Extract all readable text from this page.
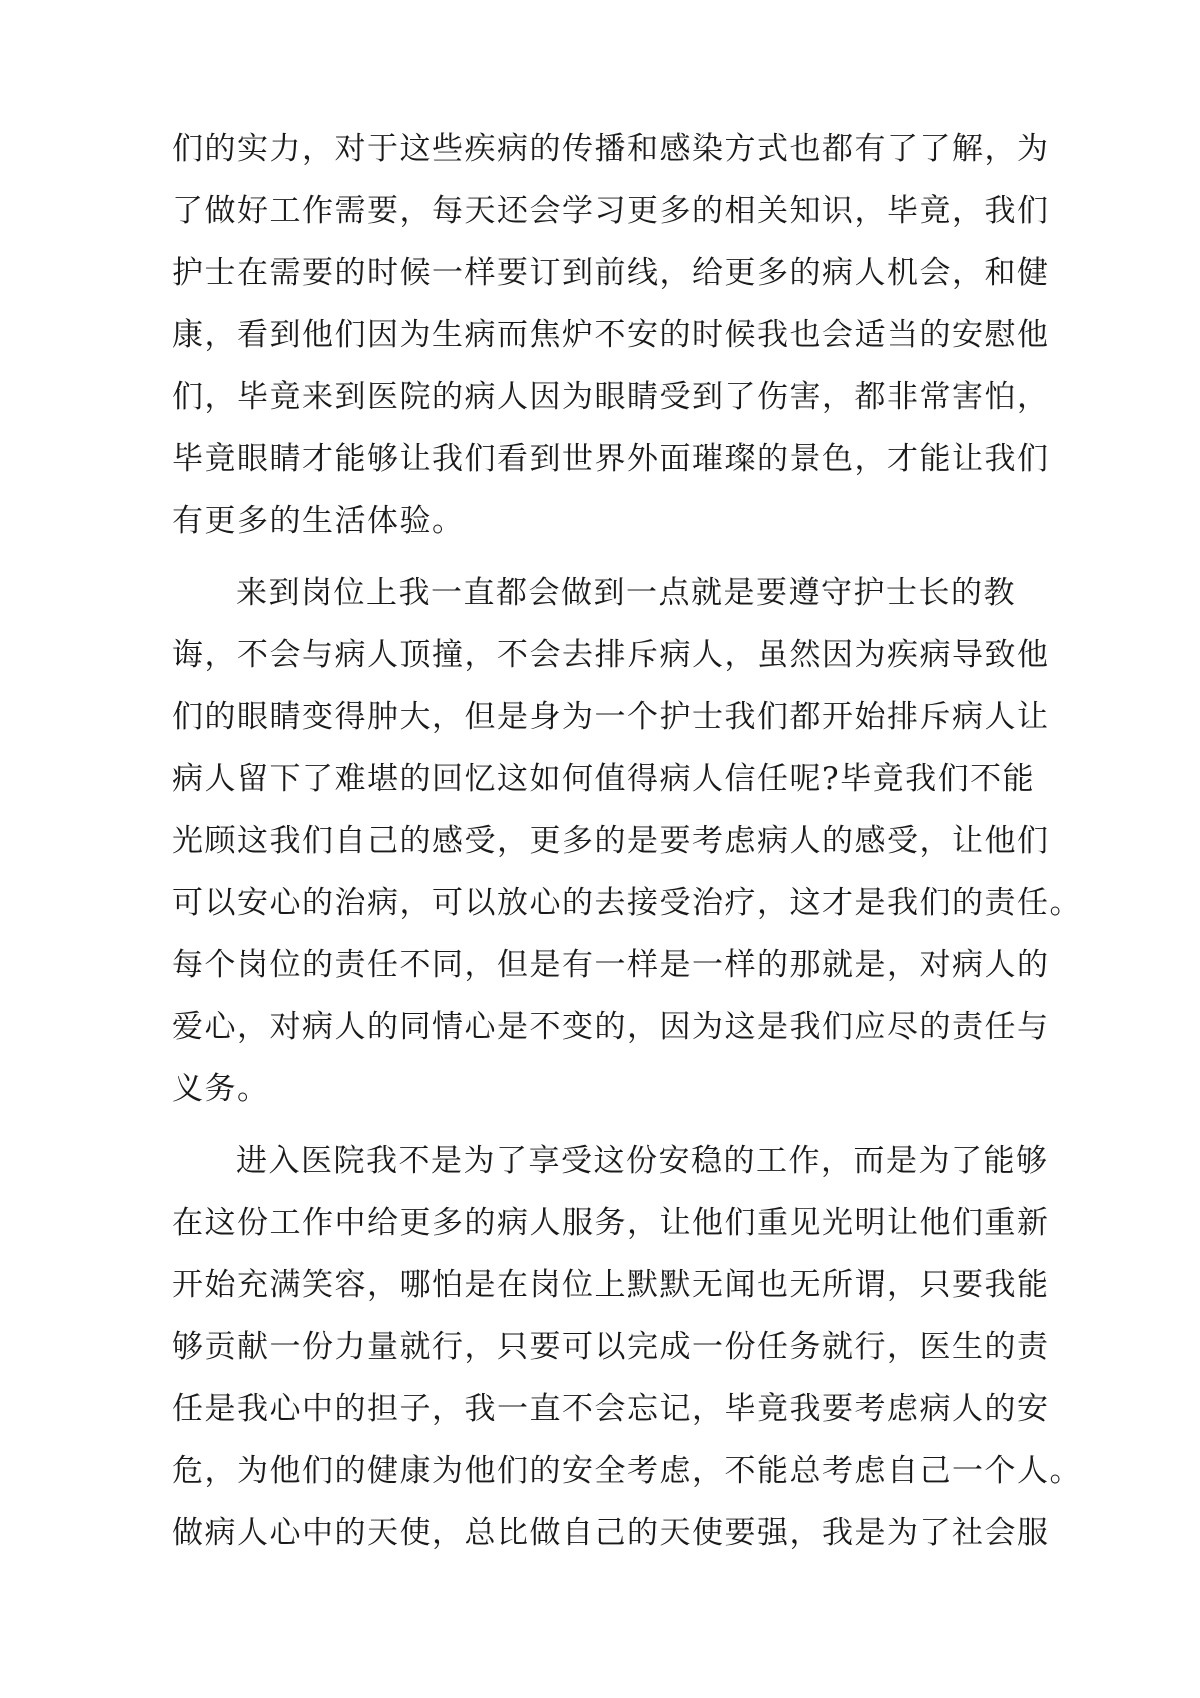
们的实力，对于这些疾病的传播和感染方式也都有了了解，为
了做好工作需要，每天还会学习更多的相关知识，毕竟，我们
护士在需要的时候一样要订到前线，给更多的病人机会，和健
康，看到他们因为生病而焦炉不安的时候我也会适当的安慰他
们，毕竟来到医院的病人因为眼睛受到了伤害，都非常害怕，
毕竟眼睛才能够让我们看到世界外面璀璨的景色，才能让我们
有更多的生活体验。
来到岗位上我一直都会做到一点就是要遵守护士长的教
诲，不会与病人顶撞，不会去排斥病人，虽然因为疾病导致他
们的眼睛变得肿大，但是身为一个护士我们都开始排斥病人让
病人留下了难堪的回忆这如何值得病人信任呢?毕竟我们不能
光顾这我们自己的感受，更多的是要考虑病人的感受，让他们
可以安心的治病，可以放心的去接受治疗，这才是我们的责任。
每个岗位的责任不同，但是有一样是一样的那就是，对病人的
爱心，对病人的同情心是不变的，因为这是我们应尽的责任与
义务。
进入医院我不是为了享受这份安稳的工作，而是为了能够
在这份工作中给更多的病人服务，让他们重见光明让他们重新
开始充满笑容，哪怕是在岗位上默默无闻也无所谓，只要我能
够贡献一份力量就行，只要可以完成一份任务就行，医生的责
任是我心中的担子，我一直不会忘记，毕竟我要考虑病人的安
危，为他们的健康为他们的安全考虑，不能总考虑自己一个人。
做病人心中的天使，总比做自己的天使要强，我是为了社会服
